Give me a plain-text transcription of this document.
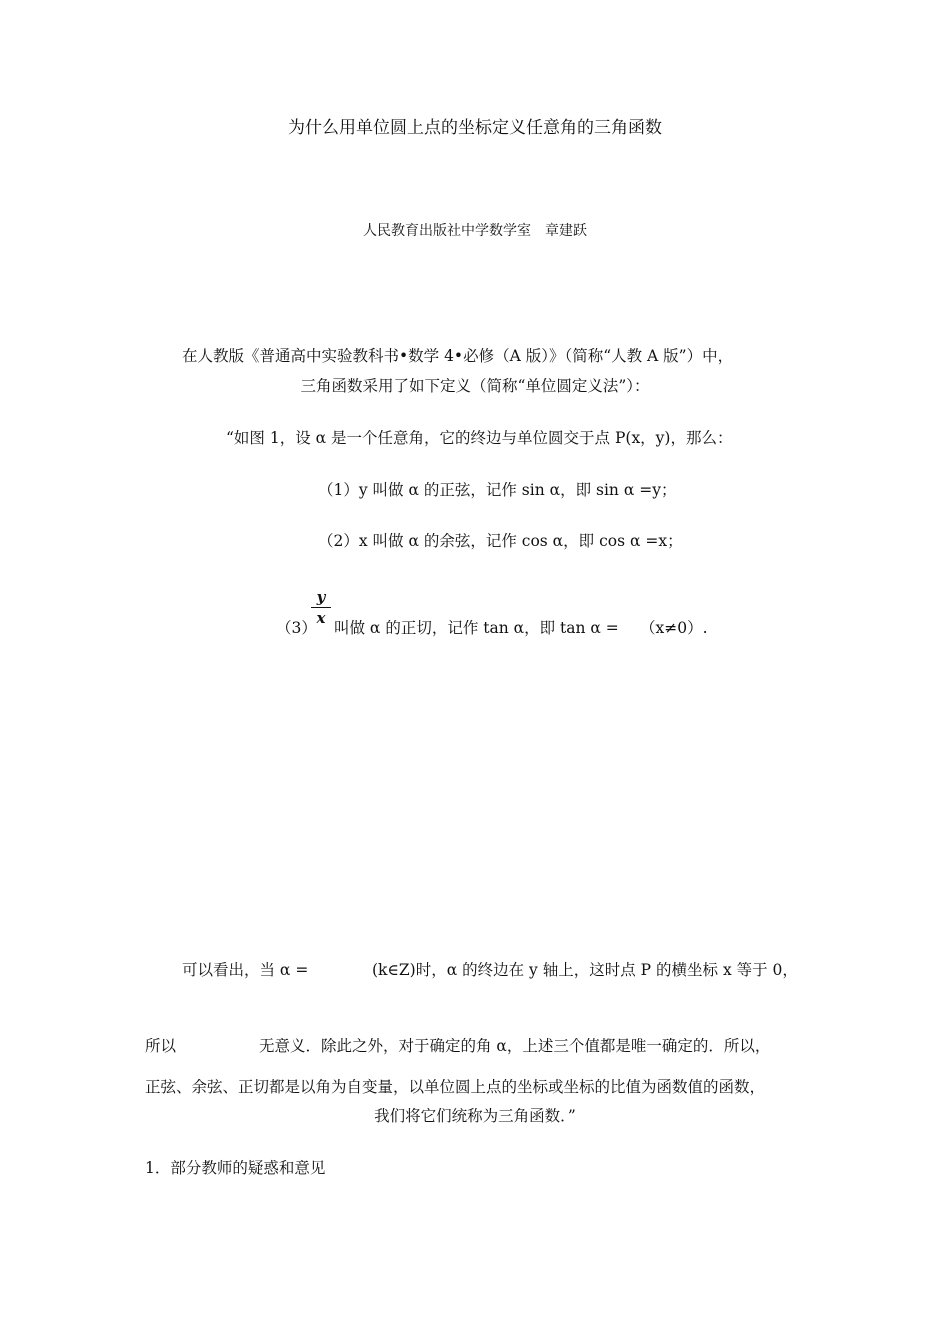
为什么用单位圆上点的坐标定义任意角的三角函数
人民教育出版社中学数学室　章建跃
在人教版《普通高中实验教科书•数学 4•必修（A 版）》（简称“人教 A 版”）中，
三角函数采用了如下定义（简称“单位圆定义法”）：
“如图 1，设 α 是一个任意角，它的终边与单位圆交于点 P(x，y)，那么：
（1）y 叫做 α 的正弦，记作 sin α，即 sin α =y；
（2）x 叫做 α 的余弦，记作 cos α，即 cos α =x；
$\frac{y}{x}$
（3） 叫做 α 的正切，记作 tan α，即 tan α = （x≠0）.
可以看出，当 α =	(k∈Z)时，α 的终边在 y 轴上，这时点 P 的横坐标 x 等于 0，
所以	无意义．除此之外，对于确定的角 α，上述三个值都是唯一确定的．所以，
正弦、余弦、正切都是以角为自变量，以单位圆上点的坐标或坐标的比值为函数值的函数，
我们将它们统称为三角函数．”
1．部分教师的疑惑和意见
